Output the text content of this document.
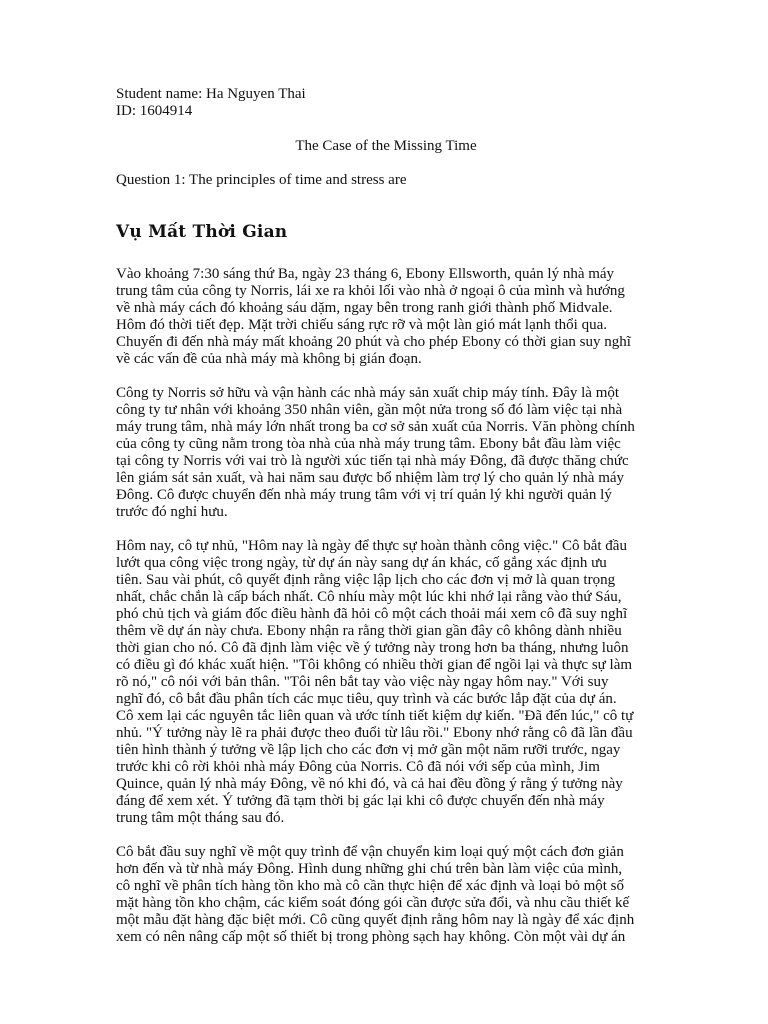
Student name: Ha Nguyen Thai

ID: 1604914

The Case of the Missing Time

Question 1: The principles of time and stress are

Vụ Mất Thời Gian
Vào khoảng 7:30 sáng thứ Ba, ngày 23 tháng 6, Ebony Ellsworth, quản lý nhà máy
trung tâm của công ty Norris, lái xe ra khỏi lối vào nhà ở ngoại ô của mình và hướng
về nhà máy cách đó khoảng sáu dặm, ngay bên trong ranh giới thành phố Midvale.
Hôm đó thời tiết đẹp. Mặt trời chiếu sáng rực rỡ và một làn gió mát lạnh thổi qua.
Chuyến đi đến nhà máy mất khoảng 20 phút và cho phép Ebony có thời gian suy nghĩ
về các vấn đề của nhà máy mà không bị gián đoạn.
Công ty Norris sở hữu và vận hành các nhà máy sản xuất chip máy tính. Đây là một
công ty tư nhân với khoảng 350 nhân viên, gần một nửa trong số đó làm việc tại nhà
máy trung tâm, nhà máy lớn nhất trong ba cơ sở sản xuất của Norris. Văn phòng chính
của công ty cũng nằm trong tòa nhà của nhà máy trung tâm. Ebony bắt đầu làm việc
tại công ty Norris với vai trò là người xúc tiến tại nhà máy Đông, đã được thăng chức
lên giám sát sản xuất, và hai năm sau được bổ nhiệm làm trợ lý cho quản lý nhà máy
Đông. Cô được chuyển đến nhà máy trung tâm với vị trí quản lý khi người quản lý
trước đó nghỉ hưu.
Hôm nay, cô tự nhủ, "Hôm nay là ngày để thực sự hoàn thành công việc." Cô bắt đầu
lướt qua công việc trong ngày, từ dự án này sang dự án khác, cố gắng xác định ưu
tiên. Sau vài phút, cô quyết định rằng việc lập lịch cho các đơn vị mở là quan trọng
nhất, chắc chắn là cấp bách nhất. Cô nhíu mày một lúc khi nhớ lại rằng vào thứ Sáu,
phó chủ tịch và giám đốc điều hành đã hỏi cô một cách thoải mái xem cô đã suy nghĩ
thêm về dự án này chưa. Ebony nhận ra rằng thời gian gần đây cô không dành nhiều
thời gian cho nó. Cô đã định làm việc về ý tưởng này trong hơn ba tháng, nhưng luôn
có điều gì đó khác xuất hiện. "Tôi không có nhiều thời gian để ngồi lại và thực sự làm
rõ nó," cô nói với bản thân. "Tôi nên bắt tay vào việc này ngay hôm nay." Với suy
nghĩ đó, cô bắt đầu phân tích các mục tiêu, quy trình và các bước lắp đặt của dự án.
Cô xem lại các nguyên tắc liên quan và ước tính tiết kiệm dự kiến. "Đã đến lúc," cô tự
nhủ. "Ý tưởng này lẽ ra phải được theo đuổi từ lâu rồi." Ebony nhớ rằng cô đã lần đầu
tiên hình thành ý tưởng về lập lịch cho các đơn vị mở gần một năm rưỡi trước, ngay
trước khi cô rời khỏi nhà máy Đông của Norris. Cô đã nói với sếp của mình, Jim
Quince, quản lý nhà máy Đông, về nó khi đó, và cả hai đều đồng ý rằng ý tưởng này
đáng để xem xét. Ý tưởng đã tạm thời bị gác lại khi cô được chuyển đến nhà máy
trung tâm một tháng sau đó.
Cô bắt đầu suy nghĩ về một quy trình để vận chuyển kim loại quý một cách đơn giản
hơn đến và từ nhà máy Đông. Hình dung những ghi chú trên bàn làm việc của mình,
cô nghĩ về phân tích hàng tồn kho mà cô cần thực hiện để xác định và loại bỏ một số
mặt hàng tồn kho chậm, các kiểm soát đóng gói cần được sửa đổi, và nhu cầu thiết kế
một mẫu đặt hàng đặc biệt mới. Cô cũng quyết định rằng hôm nay là ngày để xác định
xem có nên nâng cấp một số thiết bị trong phòng sạch hay không. Còn một vài dự án
